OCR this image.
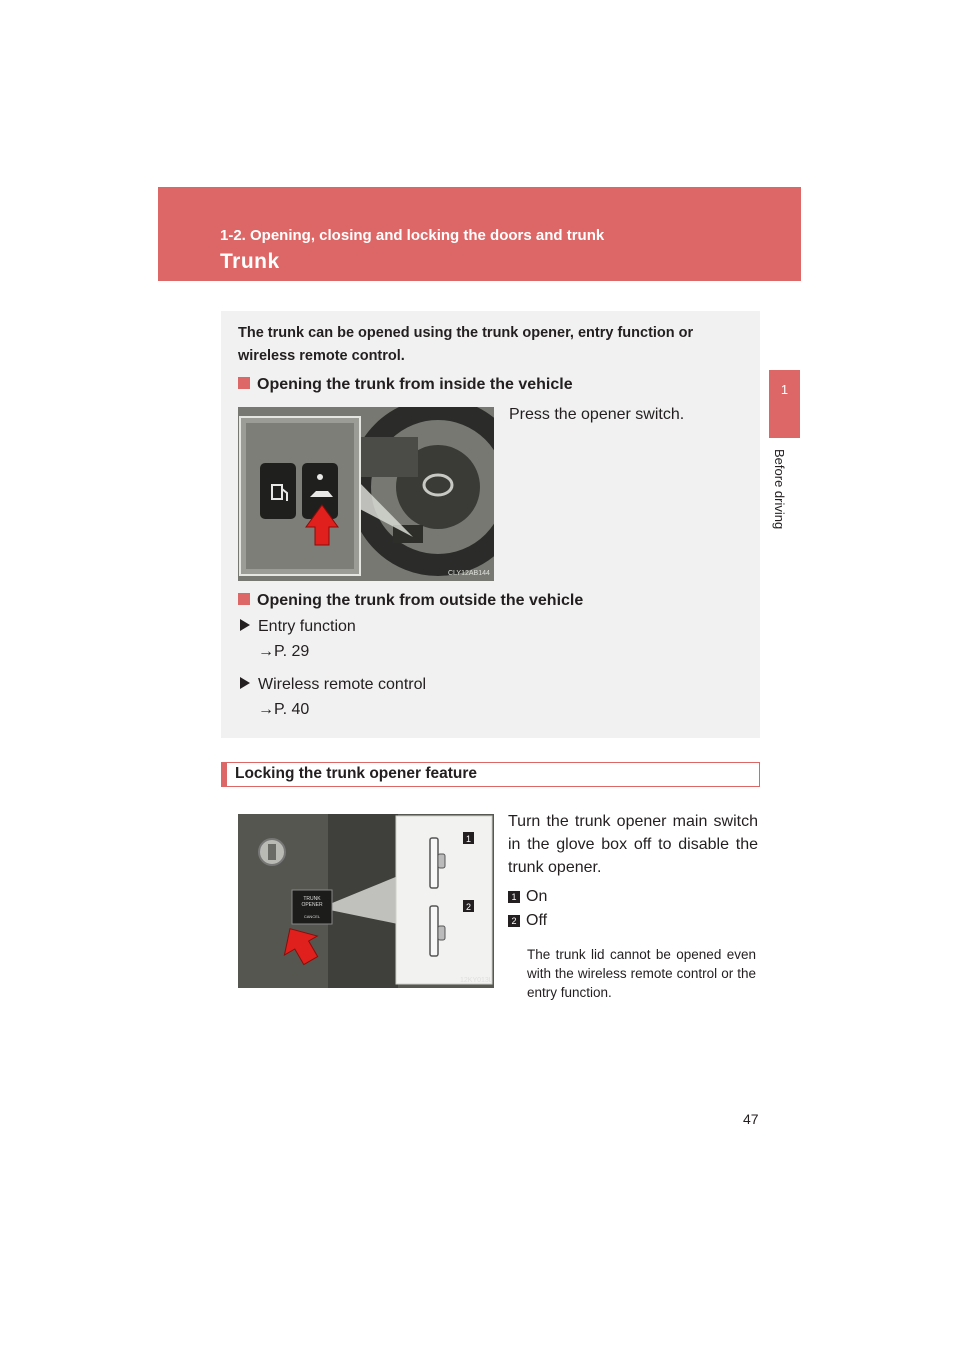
1-2. Opening, closing and locking the doors and trunk
Trunk
1
Before driving
The trunk can be opened using the trunk opener, entry function or wireless remote control.
Opening the trunk from inside the vehicle
CLY12AB144
Press the opener switch.
Opening the trunk from outside the vehicle
Entry function
→P. 29
Wireless remote control
→P. 40
Locking the trunk opener feature
1
2
TRUNK
OPENER
CANCEL
12KY013L
Turn the trunk opener main switch in the glove box off to disable the trunk opener.
1 On
2 Off
The trunk lid cannot be opened even with the wireless remote control or the entry function.
47
